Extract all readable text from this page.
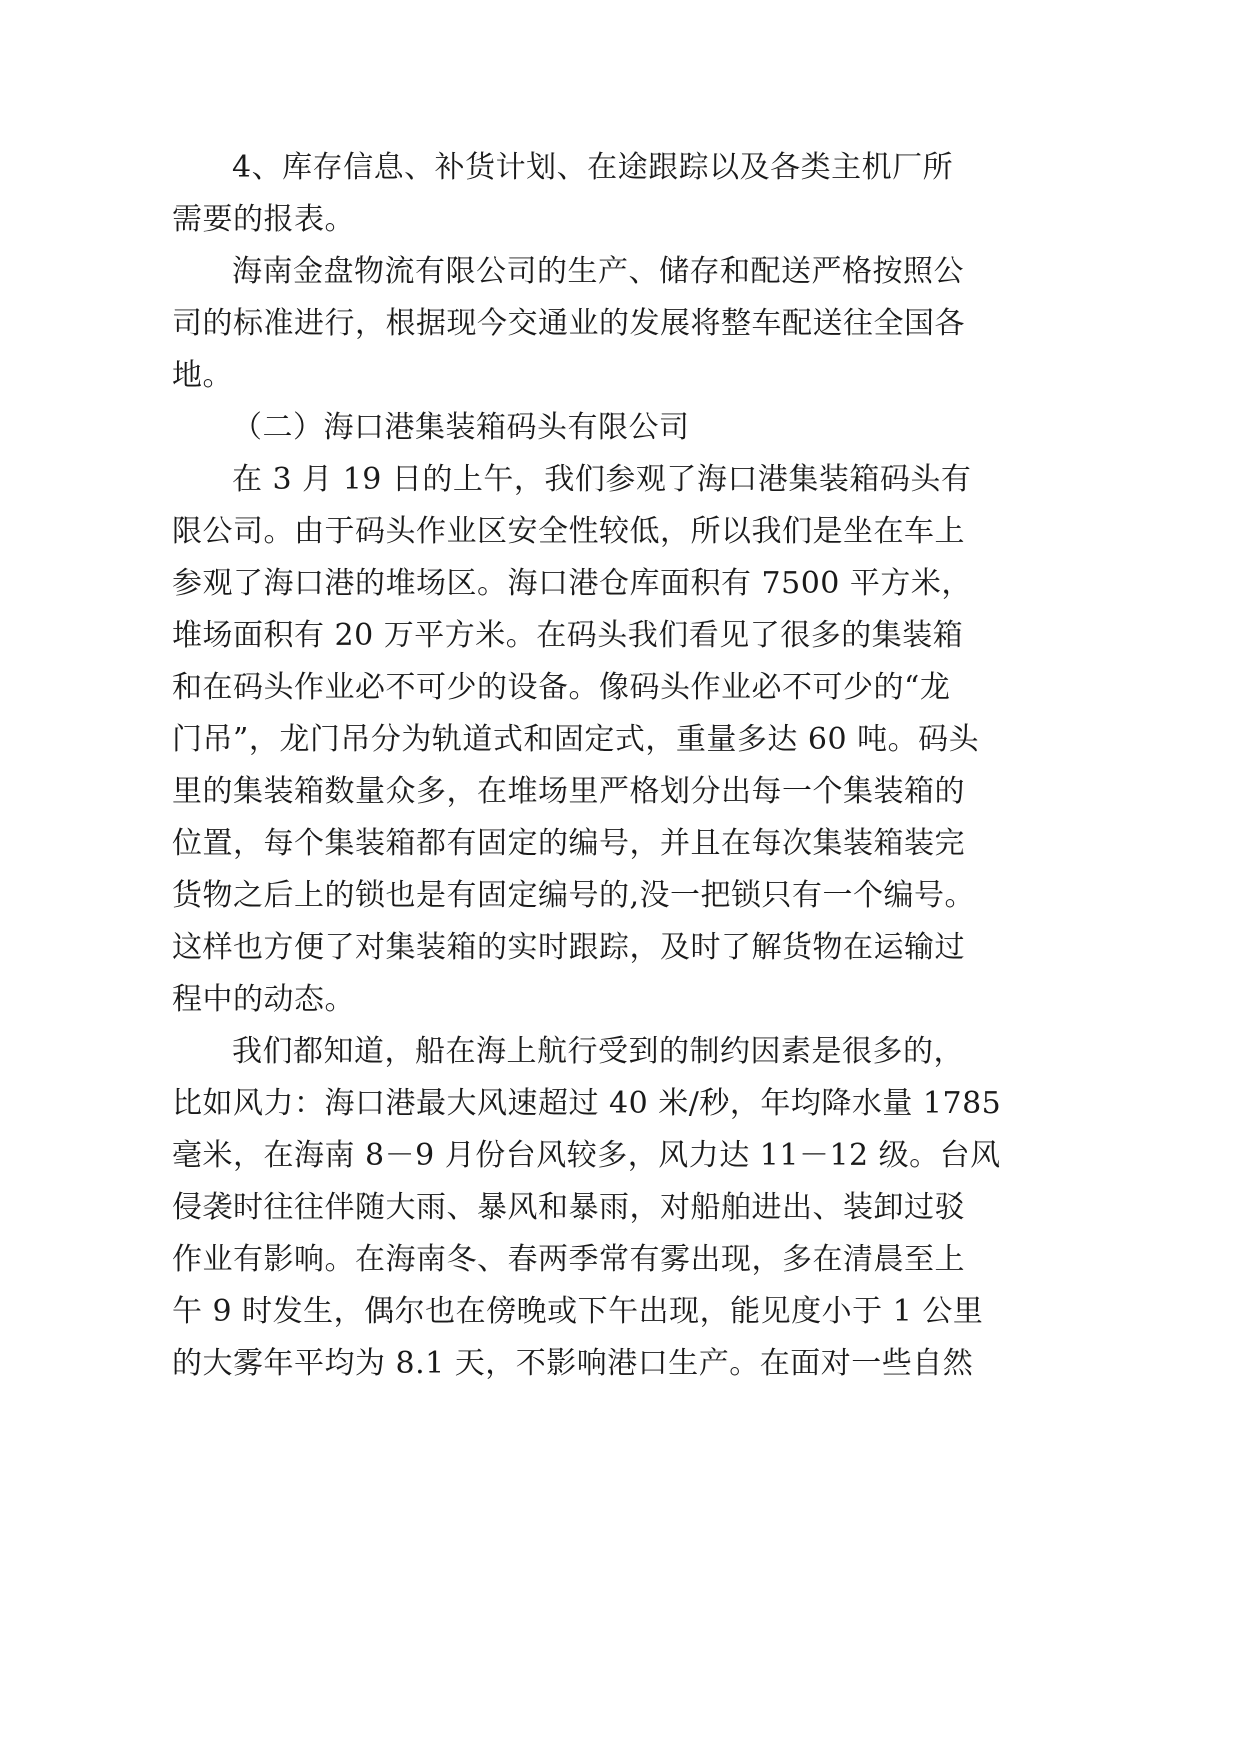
4、库存信息、补货计划、在途跟踪以及各类主机厂所
需要的报表。
海南金盘物流有限公司的生产、储存和配送严格按照公
司的标准进行，根据现今交通业的发展将整车配送往全国各
地。
（二）海口港集装箱码头有限公司
在 3 月 19 日的上午，我们参观了海口港集装箱码头有
限公司。由于码头作业区安全性较低，所以我们是坐在车上
参观了海口港的堆场区。海口港仓库面积有 7500 平方米，
堆场面积有 20 万平方米。在码头我们看见了很多的集装箱
和在码头作业必不可少的设备。像码头作业必不可少的“龙
门吊”，龙门吊分为轨道式和固定式，重量多达 60 吨。码头
里的集装箱数量众多，在堆场里严格划分出每一个集装箱的
位置，每个集装箱都有固定的编号，并且在每次集装箱装完
货物之后上的锁也是有固定编号的,没一把锁只有一个编号。
这样也方便了对集装箱的实时跟踪，及时了解货物在运输过
程中的动态。
我们都知道，船在海上航行受到的制约因素是很多的，
比如风力：海口港最大风速超过 40 米/秒，年均降水量 1785
毫米，在海南 8－9 月份台风较多，风力达 11－12 级。台风
侵袭时往往伴随大雨、暴风和暴雨，对船舶进出、装卸过驳
作业有影响。在海南冬、春两季常有雾出现，多在清晨至上
午 9 时发生，偶尔也在傍晚或下午出现，能见度小于 1 公里
的大雾年平均为 8.1 天，不影响港口生产。在面对一些自然
